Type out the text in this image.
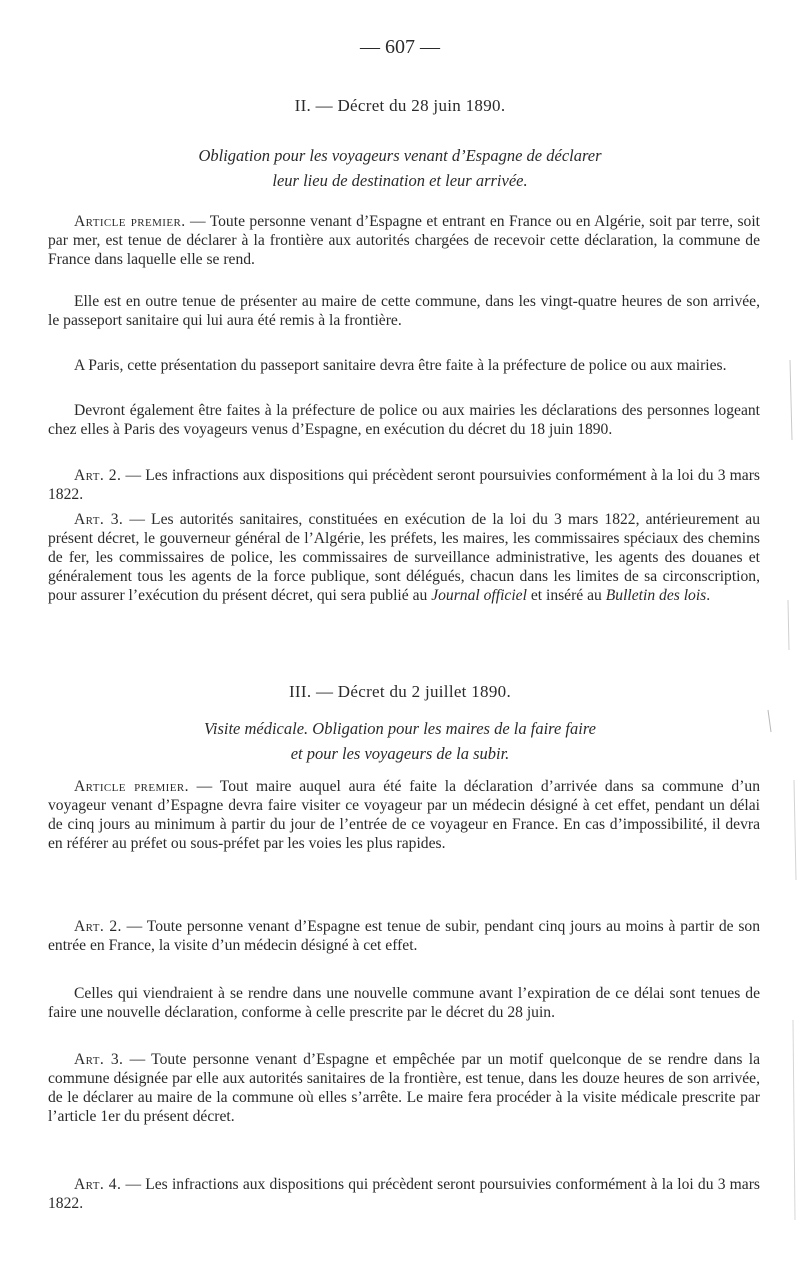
— 607 —
II. — Décret du 28 juin 1890.
Obligation pour les voyageurs venant d’Espagne de déclarer
leur lieu de destination et leur arrivée.

Article premier. — Toute personne venant d’Espagne et entrant en France ou en Algérie, soit par terre, soit par mer, est tenue de déclarer à la frontière aux autorités chargées de recevoir cette déclaration, la commune de France dans laquelle elle se rend.

Elle est en outre tenue de présenter au maire de cette commune, dans les vingt-quatre heures de son arrivée, le passeport sanitaire qui lui aura été remis à la frontière.

A Paris, cette présentation du passeport sanitaire devra être faite à la préfecture de police ou aux mairies.

Devront également être faites à la préfecture de police ou aux mairies les déclarations des personnes logeant chez elles à Paris des voyageurs venus d’Espagne, en exécution du décret du 18 juin 1890.

Art. 2. — Les infractions aux dispositions qui précèdent seront poursuivies conformément à la loi du 3 mars 1822.

Art. 3. — Les autorités sanitaires, constituées en exécution de la loi du 3 mars 1822, antérieurement au présent décret, le gouverneur général de l’Algérie, les préfets, les maires, les commissaires spéciaux des chemins de fer, les commissaires de police, les commissaires de surveillance administrative, les agents des douanes et généralement tous les agents de la force publique, sont délégués, chacun dans les limites de sa circonscription, pour assurer l’exécution du présent décret, qui sera publié au Journal officiel et inséré au Bulletin des lois.

III. — Décret du 2 juillet 1890.
Visite médicale. Obligation pour les maires de la faire faire
et pour les voyageurs de la subir.

Article premier. — Tout maire auquel aura été faite la déclaration d’arrivée dans sa commune d’un voyageur venant d’Espagne devra faire visiter ce voyageur par un médecin désigné à cet effet, pendant un délai de cinq jours au minimum à partir du jour de l’entrée de ce voyageur en France. En cas d’impossibilité, il devra en référer au préfet ou sous-préfet par les voies les plus rapides.

Art. 2. — Toute personne venant d’Espagne est tenue de subir, pendant cinq jours au moins à partir de son entrée en France, la visite d’un médecin désigné à cet effet.

Celles qui viendraient à se rendre dans une nouvelle commune avant l’expiration de ce délai sont tenues de faire une nouvelle déclaration, conforme à celle prescrite par le décret du 28 juin.

Art. 3. — Toute personne venant d’Espagne et empêchée par un motif quelconque de se rendre dans la commune désignée par elle aux autorités sanitaires de la frontière, est tenue, dans les douze heures de son arrivée, de le déclarer au maire de la commune où elles s’arrête. Le maire fera procéder à la visite médicale prescrite par l’article 1er du présent décret.

Art. 4. — Les infractions aux dispositions qui précèdent seront poursuivies conformément à la loi du 3 mars 1822.
